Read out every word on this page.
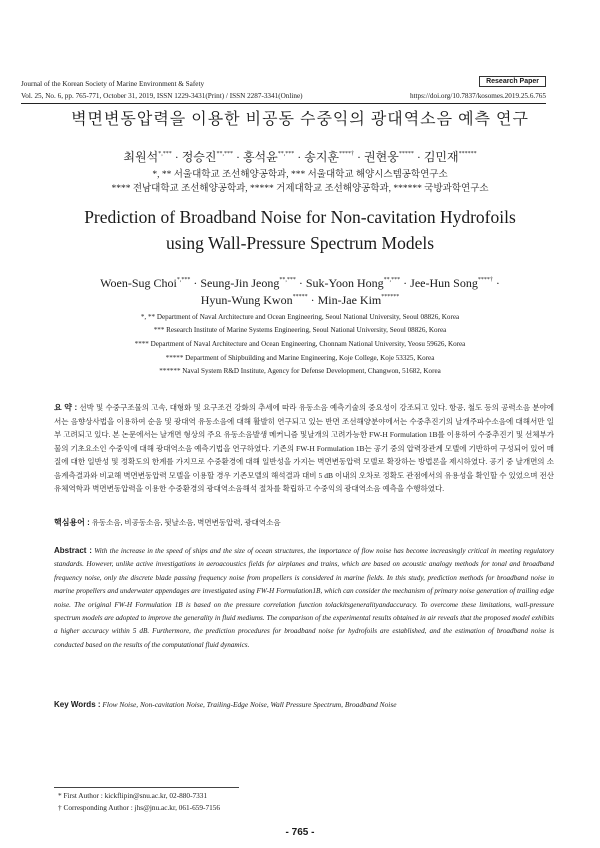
Journal of the Korean Society of Marine Environment & Safety	Research Paper
Vol. 25, No. 6, pp. 765-771, October 31, 2019, ISSN 1229-3431(Print) / ISSN 2287-3341(Online)	https://doi.org/10.7837/kosomes.2019.25.6.765
벽면변동압력을 이용한 비공동 수중익의 광대역소음 예측 연구
최원석*,*** · 정승진**,*** · 홍석윤**,*** · 송지훈****† · 권현웅***** · 김민재******
*, ** 서울대학교 조선해양공학과, *** 서울대학교 해양시스템공학연구소
**** 전남대학교 조선해양공학과, ***** 거제대학교 조선해양공학과, ****** 국방과학연구소
Prediction of Broadband Noise for Non-cavitation Hydrofoils
using Wall-Pressure Spectrum Models
Woen-Sug Choi*,*** · Seung-Jin Jeong**,*** · Suk-Yoon Hong**,*** · Jee-Hun Song****† ·
Hyun-Wung Kwon***** · Min-Jae Kim******
*, ** Department of Naval Architecture and Ocean Engineering, Seoul National University, Seoul 08826, Korea
*** Research Institute of Marine Systems Engineering, Seoul National University, Seoul 08826, Korea
**** Department of Naval Architecture and Ocean Engineering, Chonnam National University, Yeosu 59626, Korea
***** Department of Shipbuilding and Marine Engineering, Koje College, Koje 53325, Korea
****** Naval System R&D Institute, Agency for Defense Development, Changwon, 51682, Korea
요 약 : 선박 및 수중구조물의 고속, 대형화 및 요구조건 강화의 추세에 따라 유동소음 예측기술의 중요성이 강조되고 있다. 항공, 철도 등의 공력소음 분야에서는 음향상사법을 이용하여 순음 및 광대역 유동소음에 대해 활발히 연구되고 있는 반면 조선해양분야에서는 수중추진기의 날개주파수소음에 대해서만 일부 고려되고 있다. 본 논문에서는 날개면 형상의 주요 유동소음발생 메커니즘 및날개의 고려가능한 FW-H Formulation 1B를 이용하여 수중추진기 및 선체부가물의 기초요소인 수중익에 대해 광대역소음 예측기법을 연구하였다. 기존의 FW-H Formulation 1B는 공기 중의 압력장관계 모델에 기반하여 구성되어 있어 매질에 대한 일반성 및 정확도의 한계를 가지므로 수중환경에 대해 일반성을 가지는 벽면변동압력 모델로 확장하는 방법론을 제시하였다. 공기 중 날개면의 소음계측결과와 비교해 벽면변동압력 모델을 이용할 경우 기존모델의 해석결과 대비 5 dB 이내의 오차로 정확도 관점에서의 유용성을 확인할 수 있었으며 전산유체역학과 벽면변동압력을 이용한 수중환경의 광대역소음해석 절차를 확립하고 수중익의 광대역소음 예측을 수행하였다.
핵심용어 : 유동소음, 비공동소음, 뒷날소음, 벽면변동압력, 광대역소음
Abstract : With the increase in the speed of ships and the size of ocean structures, the importance of flow noise has become increasingly critical in meeting regulatory standards. However, unlike active investigations in aeroacoustics fields for airplanes and trains, which are based on acoustic analogy methods for tonal and broadband frequency noise, only the discrete blade passing frequency noise from propellers is considered in marine fields. In this study, prediction methods for broadband noise in marine propellers and underwater appendages are investigated using FW-H Formulation1B, which can consider the mechanism of primary noise generation of trailing edge noise. The original FW-H Formulation 1B is based on the pressure correlation function tolackitsgeneralityandaccuracy. To overcome these limitations, wall-pressure spectrum models are adopted to improve the generality in fluid mediums. The comparison of the experimental results obtained in air reveals that the proposed model exhibits a higher accuracy within 5 dB. Furthermore, the prediction procedures for broadband noise for hydrofoils are established, and the estimation of broadband noise is conducted based on the results of the computational fluid dynamics.
Key Words : Flow Noise, Non-cavitation Noise, Trailing-Edge Noise, Wall Pressure Spectrum, Broadband Noise
* First Author : kickflipin@snu.ac.kr, 02-880-7331
† Corresponding Author : jhs@jnu.ac.kr, 061-659-7156
- 765 -
